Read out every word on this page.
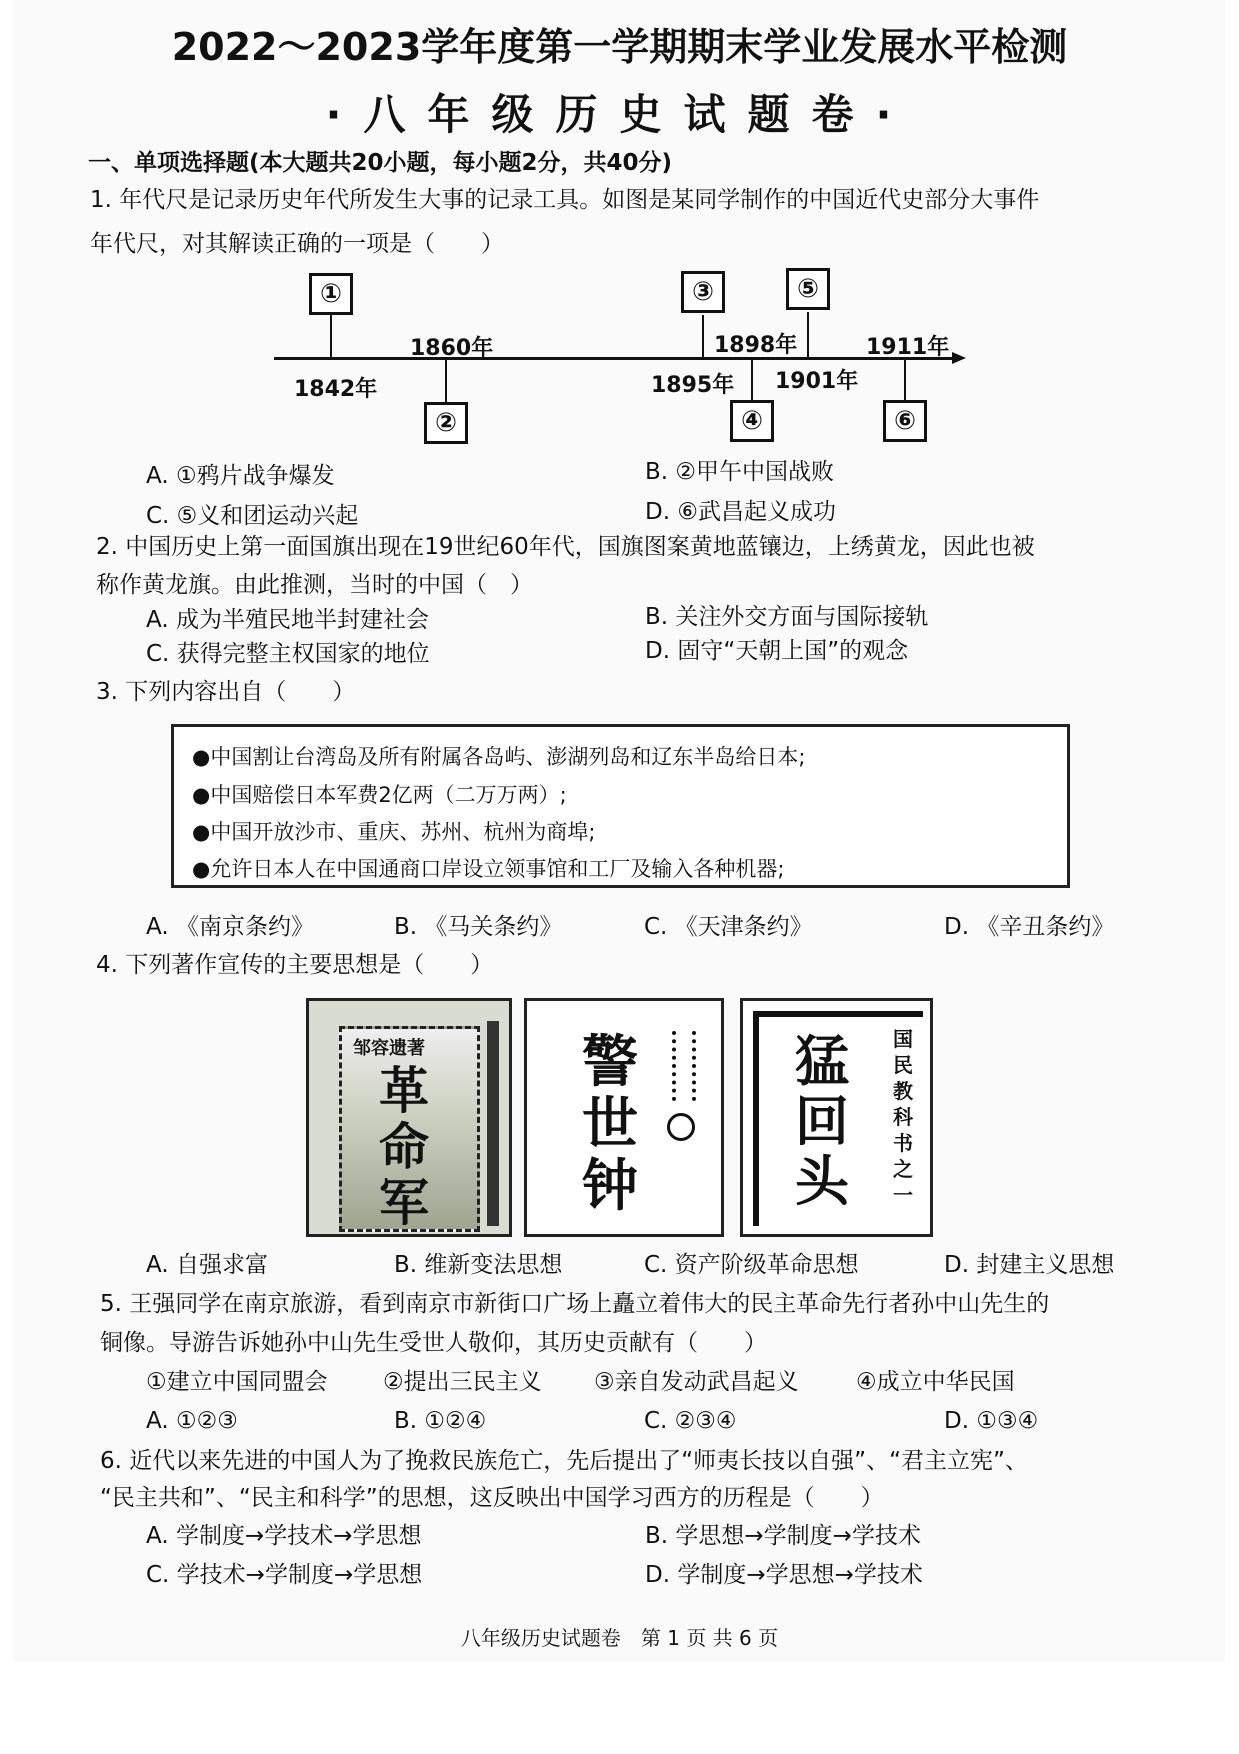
2022～2023学年度第一学期期末学业发展水平检测
·八年级历史试题卷·
一、单项选择题(本大题共20小题，每小题2分，共40分)
1. 年代尺是记录历史年代所发生大事的记录工具。如图是某同学制作的中国近代史部分大事件
年代尺，对其解读正确的一项是（　　）
①
②
③
④
⑤
⑥
1842年
1860年
1895年
1898年
1901年
1911年
A. ①鸦片战争爆发	B. ②甲午中国战败
C. ⑤义和团运动兴起	D. ⑥武昌起义成功
2. 中国历史上第一面国旗出现在19世纪60年代，国旗图案黄地蓝镶边，上绣黄龙，因此也被
称作黄龙旗。由此推测，当时的中国（　）
A. 成为半殖民地半封建社会	B. 关注外交方面与国际接轨
C. 获得完整主权国家的地位	D. 固守“天朝上国”的观念
3. 下列内容出自（　　）
●中国割让台湾岛及所有附属各岛屿、澎湖列岛和辽东半岛给日本;
●中国赔偿日本军费2亿两（二万万两）;
●中国开放沙市、重庆、苏州、杭州为商埠;
●允许日本人在中国通商口岸设立领事馆和工厂及输入各种机器;
A. 《南京条约》	B. 《马关条约》	C. 《天津条约》	D. 《辛丑条约》
4. 下列著作宣传的主要思想是（　　）
邹容遗著
革命军
警世钟
猛回头
国民教科书之一
A. 自强求富	B. 维新变法思想	C. 资产阶级革命思想	D. 封建主义思想
5. 王强同学在南京旅游，看到南京市新街口广场上矗立着伟大的民主革命先行者孙中山先生的
铜像。导游告诉她孙中山先生受世人敬仰，其历史贡献有（　　）
①建立中国同盟会 ②提出三民主义 ③亲自发动武昌起义 ④成立中华民国
A. ①②③	B. ①②④	C. ②③④	D. ①③④
6. 近代以来先进的中国人为了挽救民族危亡，先后提出了“师夷长技以自强”、“君主立宪”、
“民主共和”、“民主和科学”的思想，这反映出中国学习西方的历程是（　　）
A. 学制度→学技术→学思想	B. 学思想→学制度→学技术
C. 学技术→学制度→学思想	D. 学制度→学思想→学技术
八年级历史试题卷　第 1 页 共 6 页
